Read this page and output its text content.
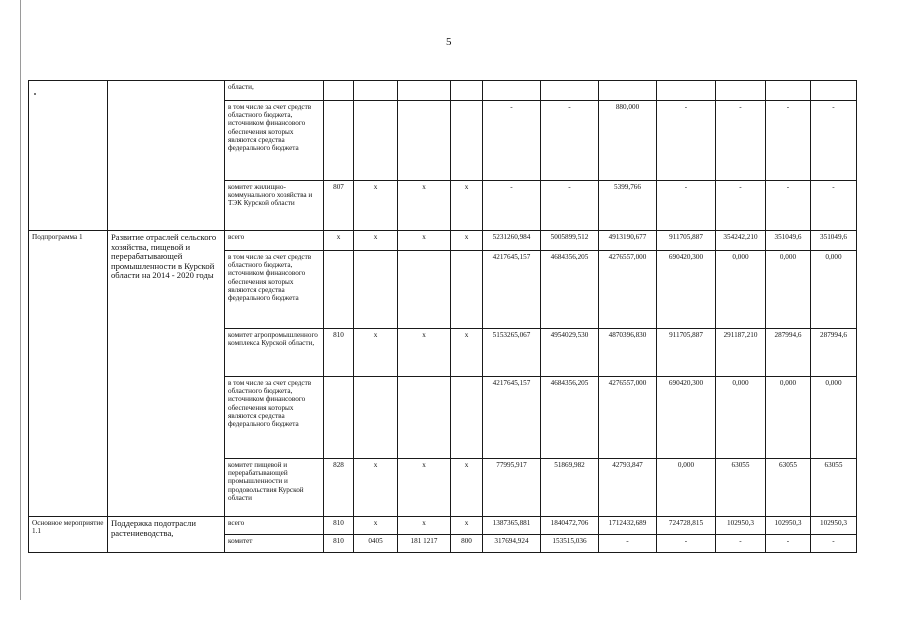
5
		области,											
		в том числе за счет средств областного бюджета, источником финансового обеспечения которых являются средства федерального бюджета					-	-	880,000	-	-	-	-
		комитет жилищно-коммунального хозяйства и ТЭК Курской области	807	х	х	х	-	-	5399,766	-	-	-	-
Подпрограмма 1	Развитие отраслей сельского хозяйства, пищевой и перерабатывающей промышленности в Курской области на 2014 - 2020 годы	всего	х	х	х	х	5231260,984	5005899,512	4913190,677	911705,887	354242,210	351049,6	351049,6
		в том числе за счет средств областного бюджета, источником финансового обеспечения которых являются средства федерального бюджета					4217645,157	4684356,205	4276557,000	690420,300	0,000	0,000	0,000
		комитет агропромышленного комплекса Курской области,	810	х	х	х	5153265,067	4954029,530	4870396,830	911705,887	291187,210	287994,6	287994,6
		в том числе за счет средств областного бюджета, источником финансового обеспечения которых являются средства федерального бюджета					4217645,157	4684356,205	4276557,000	690420,300	0,000	0,000	0,000
		комитет пищевой и перерабатывающей промышленности и продовольствия Курской области	828	х	х	х	77995,917	51869,982	42793,847	0,000	63055	63055	63055
Основное мероприятие 1.1	Поддержка подотрасли растениеводства,	всего	810	х	х	х	1387365,881	1840472,706	1712432,689	724728,815	102950,3	102950,3	102950,3
		комитет	810	0405	181 1217	800	317694,924	153515,036	-	-	-	-	-
